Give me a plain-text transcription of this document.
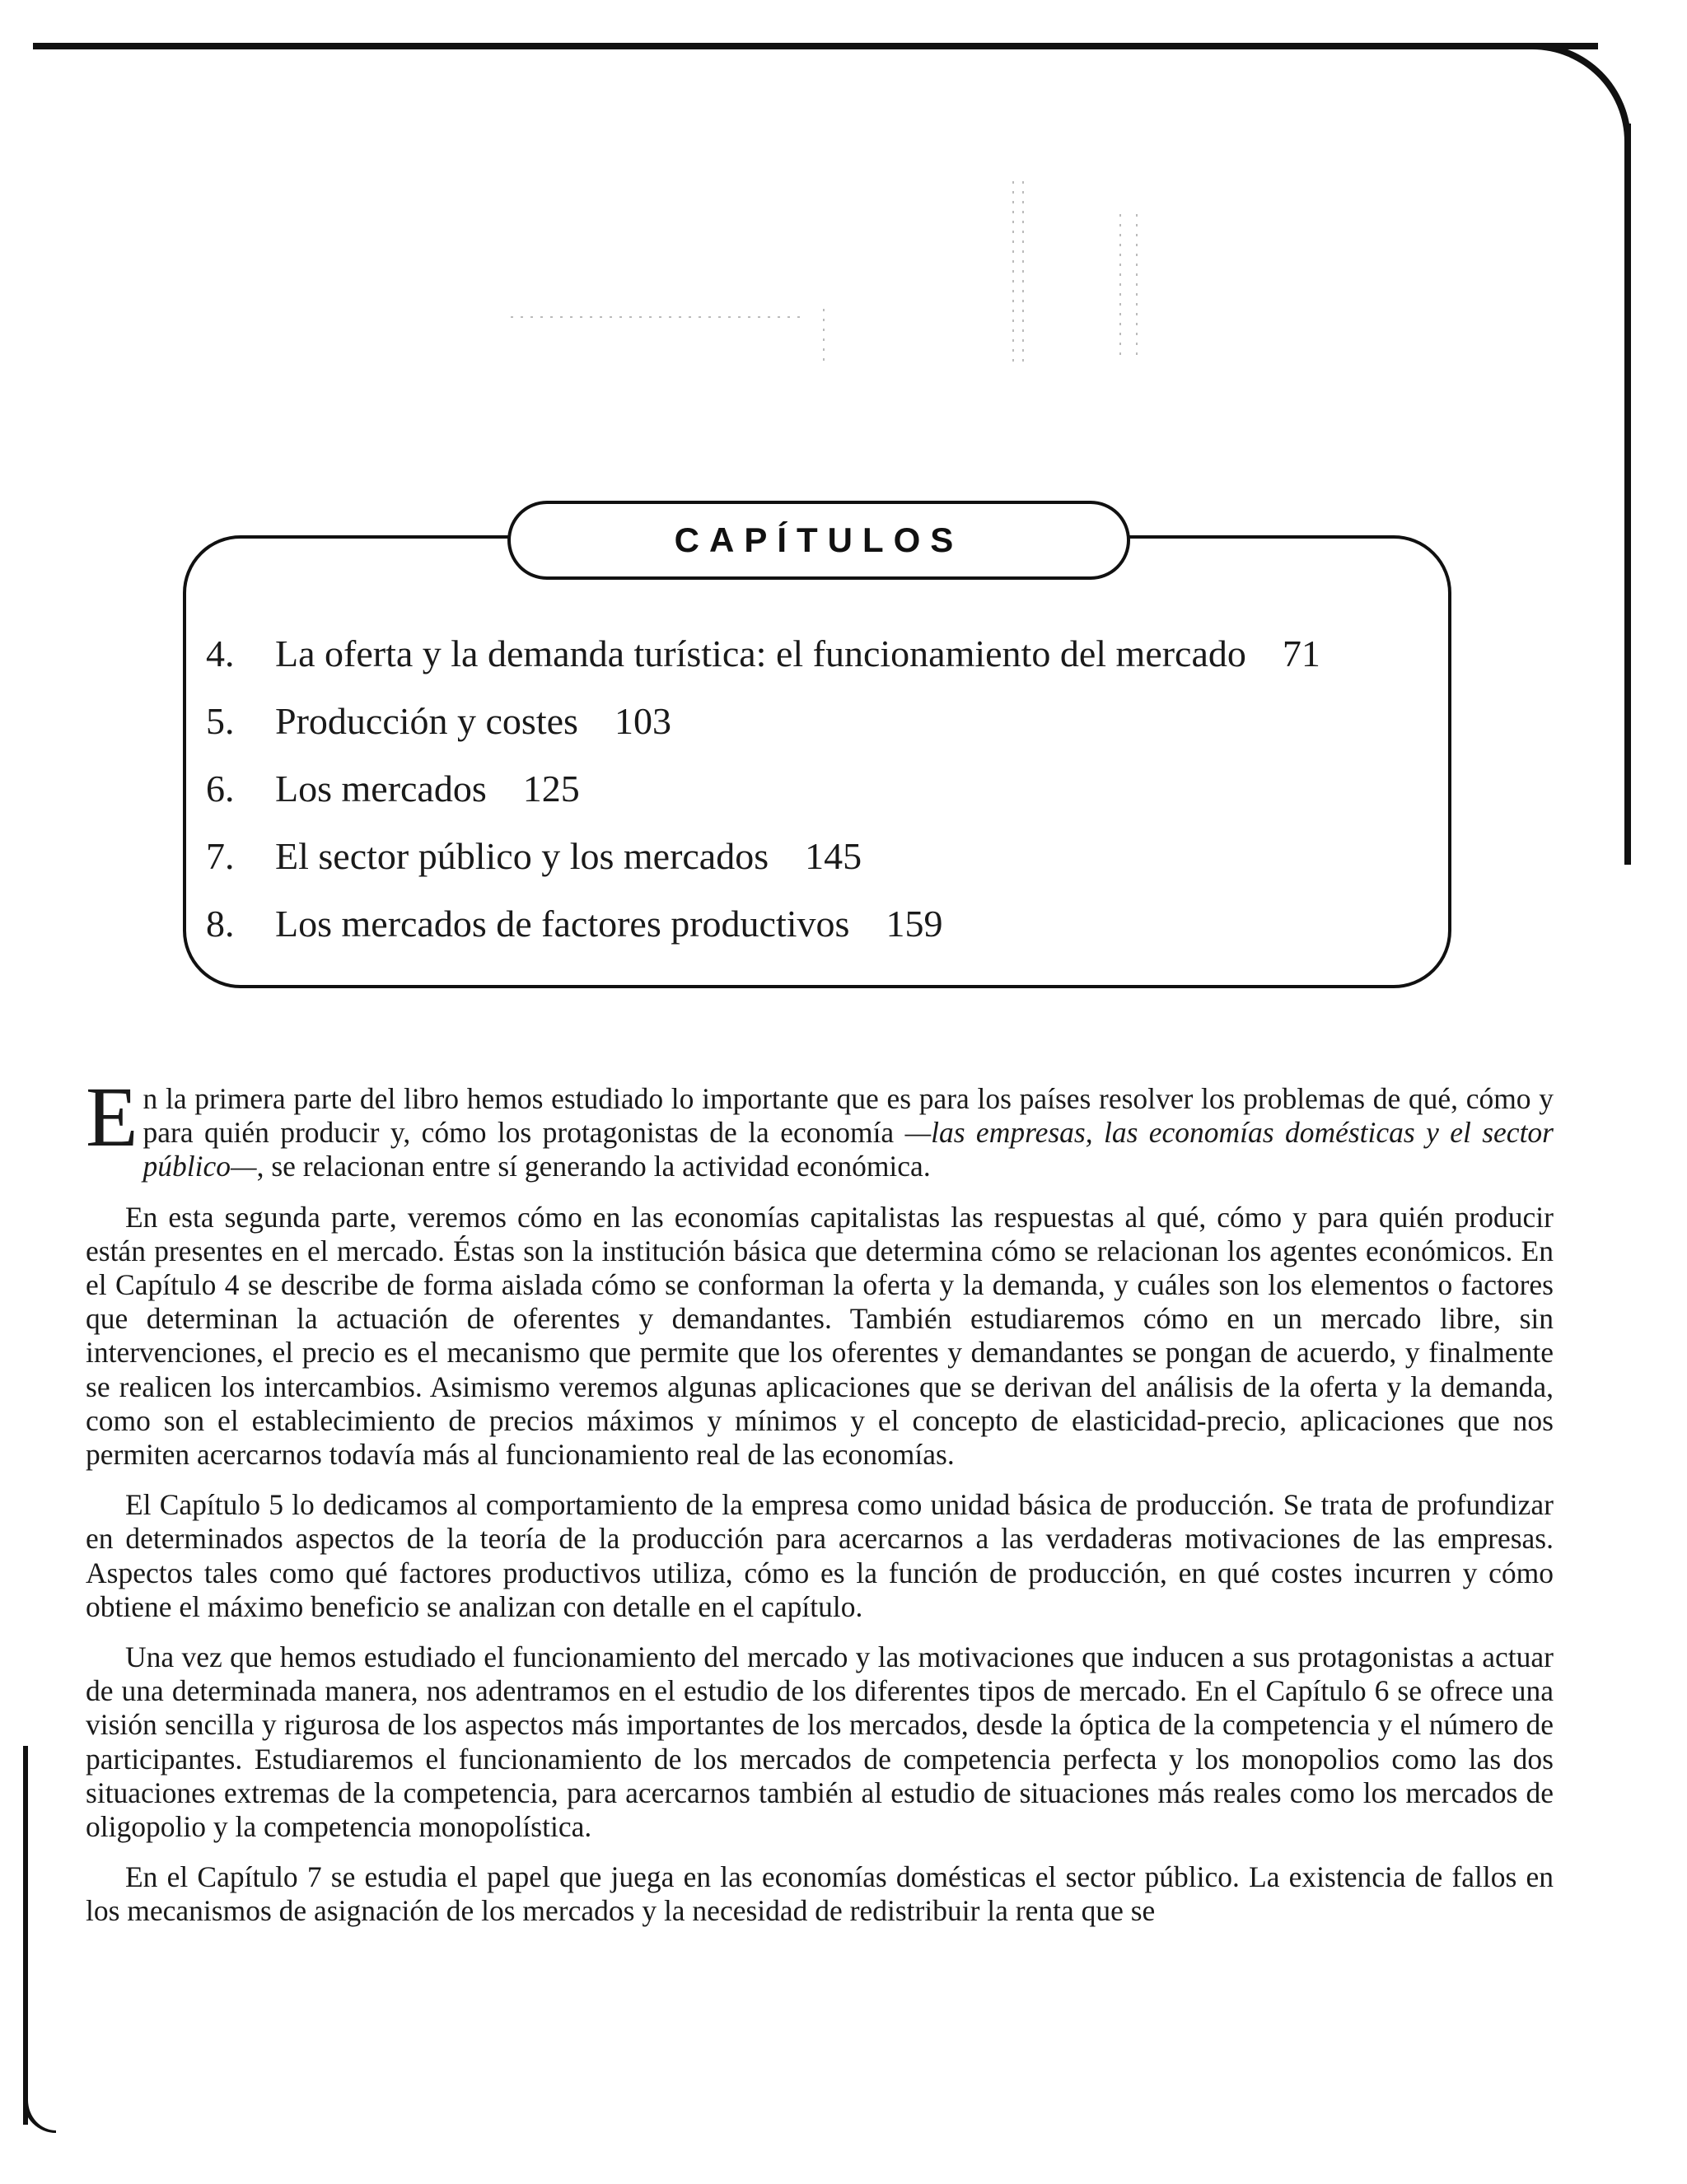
CAPÍTULOS
4.	La oferta y la demanda turística: el funcionamiento del mercado 71
5.	Producción y costes 103
6.	Los mercados 125
7.	El sector público y los mercados 145
8.	Los mercados de factores productivos 159

En la primera parte del libro hemos estudiado lo importante que es para los países resolver los problemas de qué, cómo y para quién producir y, cómo los protagonistas de la economía —las empresas, las economías domésticas y el sector público—, se relacionan entre sí generando la actividad económica.

En esta segunda parte, veremos cómo en las economías capitalistas las respuestas al qué, cómo y para quién producir están presentes en el mercado. Éstas son la institución básica que determina cómo se relacionan los agentes económicos. En el Capítulo 4 se describe de forma aislada cómo se conforman la oferta y la demanda, y cuáles son los elementos o factores que determinan la actuación de oferentes y demandantes. También estudiaremos cómo en un mercado libre, sin intervenciones, el precio es el mecanismo que permite que los oferentes y demandantes se pongan de acuerdo, y finalmente se realicen los intercambios. Asimismo veremos algunas aplicaciones que se derivan del análisis de la oferta y la demanda, como son el establecimiento de precios máximos y mínimos y el concepto de elasticidad-precio, aplicaciones que nos permiten acercarnos todavía más al funcionamiento real de las economías.

El Capítulo 5 lo dedicamos al comportamiento de la empresa como unidad básica de producción. Se trata de profundizar en determinados aspectos de la teoría de la producción para acercarnos a las verdaderas motivaciones de las empresas. Aspectos tales como qué factores productivos utiliza, cómo es la función de producción, en qué costes incurren y cómo obtiene el máximo beneficio se analizan con detalle en el capítulo.

Una vez que hemos estudiado el funcionamiento del mercado y las motivaciones que inducen a sus protagonistas a actuar de una determinada manera, nos adentramos en el estudio de los diferentes tipos de mercado. En el Capítulo 6 se ofrece una visión sencilla y rigurosa de los aspectos más importantes de los mercados, desde la óptica de la competencia y el número de participantes. Estudiaremos el funcionamiento de los mercados de competencia perfecta y los monopolios como las dos situaciones extremas de la competencia, para acercarnos también al estudio de situaciones más reales como los mercados de oligopolio y la competencia monopolística.

En el Capítulo 7 se estudia el papel que juega en las economías domésticas el sector público. La existencia de fallos en los mecanismos de asignación de los mercados y la necesidad de redistribuir la renta que se
